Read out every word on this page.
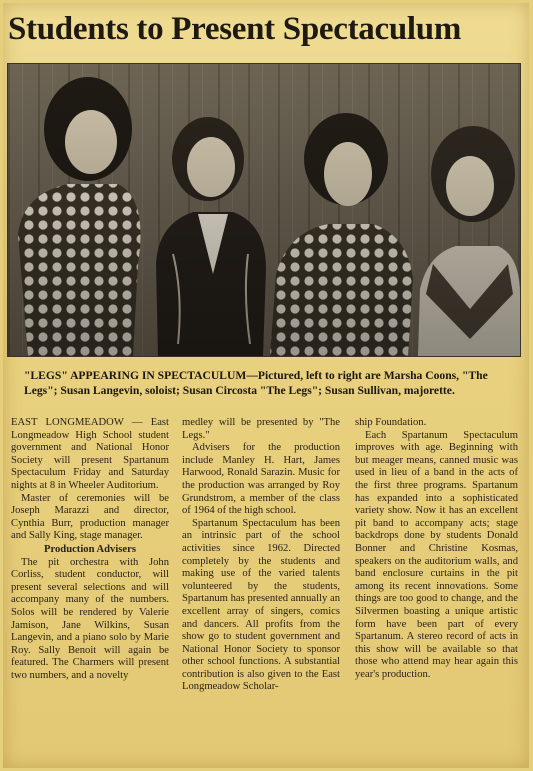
Students to Present Spectaculum
"LEGS" APPEARING IN SPECTACULUM—Pictured, left to right are Marsha Coons, "The Legs"; Susan Langevin, soloist; Susan Circosta "The Legs"; Susan Sullivan, majorette.

EAST LONGMEADOW — East Longmeadow High School student government and National Honor Society will present Spartanum Spectaculum Friday and Saturday nights at 8 in Wheeler Auditorium.

Master of ceremonies will be Joseph Marazzi and director, Cynthia Burr, production manager and Sally King, stage manager.

Production Advisers

The pit orchestra with John Corliss, student conductor, will present several selections and will accompany many of the numbers. Solos will be rendered by Valerie Jamison, Jane Wilkins, Susan Langevin, and a piano solo by Marie Roy. Sally Benoit will again be featured. The Charmers will present two numbers, and a novelty

medley will be presented by "The Legs."

Advisers for the production include Manley H. Hart, James Harwood, Ronald Sarazin. Music for the production was arranged by Roy Grundstrom, a member of the class of 1964 of the high school.

Spartanum Spectaculum has been an intrinsic part of the school activities since 1962. Directed completely by the students and making use of the varied talents volunteered by the students, Spartanum has presented annually an excellent array of singers, comics and dancers. All profits from the show go to student government and National Honor Society to sponsor other school functions. A substantial contribution is also given to the East Longmeadow Scholar-

ship Foundation.

Each Spartanum Spectaculum improves with age. Beginning with but meager means, canned music was used in lieu of a band in the acts of the first three programs. Spartanum has expanded into a sophisticated variety show. Now it has an excellent pit band to accompany acts; stage backdrops done by students Donald Bonner and Christine Kosmas, speakers on the auditorium walls, and band enclosure curtains in the pit among its recent innovations. Some things are too good to change, and the Silvermen boasting a unique artistic form have been part of every Spartanum. A stereo record of acts in this show will be available so that those who attend may hear again this year's production.
